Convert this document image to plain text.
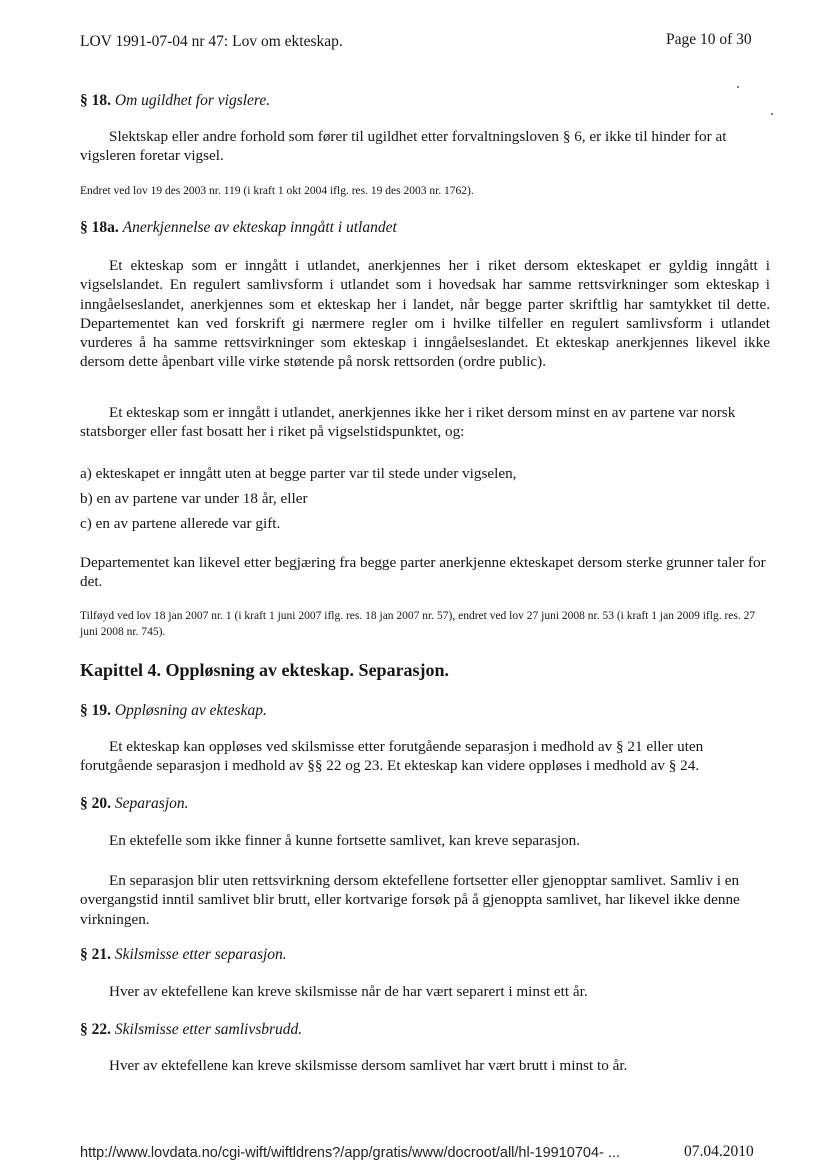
LOV 1991-07-04 nr 47: Lov om ekteskap.	Page 10 of 30
§ 18. Om ugildhet for vigslere.
Slektskap eller andre forhold som fører til ugildhet etter forvaltningsloven § 6, er ikke til hinder for at vigsleren foretar vigsel.
Endret ved lov 19 des 2003 nr. 119 (i kraft 1 okt 2004 iflg. res. 19 des 2003 nr. 1762).
§ 18a. Anerkjennelse av ekteskap inngått i utlandet
Et ekteskap som er inngått i utlandet, anerkjennes her i riket dersom ekteskapet er gyldig inngått i vigselslandet. En regulert samlivsform i utlandet som i hovedsak har samme rettsvirkninger som ekteskap i inngåelseslandet, anerkjennes som et ekteskap her i landet, når begge parter skriftlig har samtykket til dette. Departementet kan ved forskrift gi nærmere regler om i hvilke tilfeller en regulert samlivsform i utlandet vurderes å ha samme rettsvirkninger som ekteskap i inngåelseslandet. Et ekteskap anerkjennes likevel ikke dersom dette åpenbart ville virke støtende på norsk rettsorden (ordre public).
Et ekteskap som er inngått i utlandet, anerkjennes ikke her i riket dersom minst en av partene var norsk statsborger eller fast bosatt her i riket på vigselstidspunktet, og:
a) ekteskapet er inngått uten at begge parter var til stede under vigselen,
b) en av partene var under 18 år, eller
c) en av partene allerede var gift.
Departementet kan likevel etter begjæring fra begge parter anerkjenne ekteskapet dersom sterke grunner taler for det.
Tilføyd ved lov 18 jan 2007 nr. 1 (i kraft 1 juni 2007 iflg. res. 18 jan 2007 nr. 57), endret ved lov 27 juni 2008 nr. 53 (i kraft 1 jan 2009 iflg. res. 27 juni 2008 nr. 745).
Kapittel 4. Oppløsning av ekteskap. Separasjon.
§ 19. Oppløsning av ekteskap.
Et ekteskap kan oppløses ved skilsmisse etter forutgående separasjon i medhold av § 21 eller uten forutgående separasjon i medhold av §§ 22 og 23. Et ekteskap kan videre oppløses i medhold av § 24.
§ 20. Separasjon.
En ektefelle som ikke finner å kunne fortsette samlivet, kan kreve separasjon.
En separasjon blir uten rettsvirkning dersom ektefellene fortsetter eller gjenopptar samlivet. Samliv i en overgangstid inntil samlivet blir brutt, eller kortvarige forsøk på å gjenoppta samlivet, har likevel ikke denne virkningen.
§ 21. Skilsmisse etter separasjon.
Hver av ektefellene kan kreve skilsmisse når de har vært separert i minst ett år.
§ 22. Skilsmisse etter samlivsbrudd.
Hver av ektefellene kan kreve skilsmisse dersom samlivet har vært brutt i minst to år.
http://www.lovdata.no/cgi-wift/wiftldrens?/app/gratis/www/docroot/all/hl-19910704- ...	07.04.2010
